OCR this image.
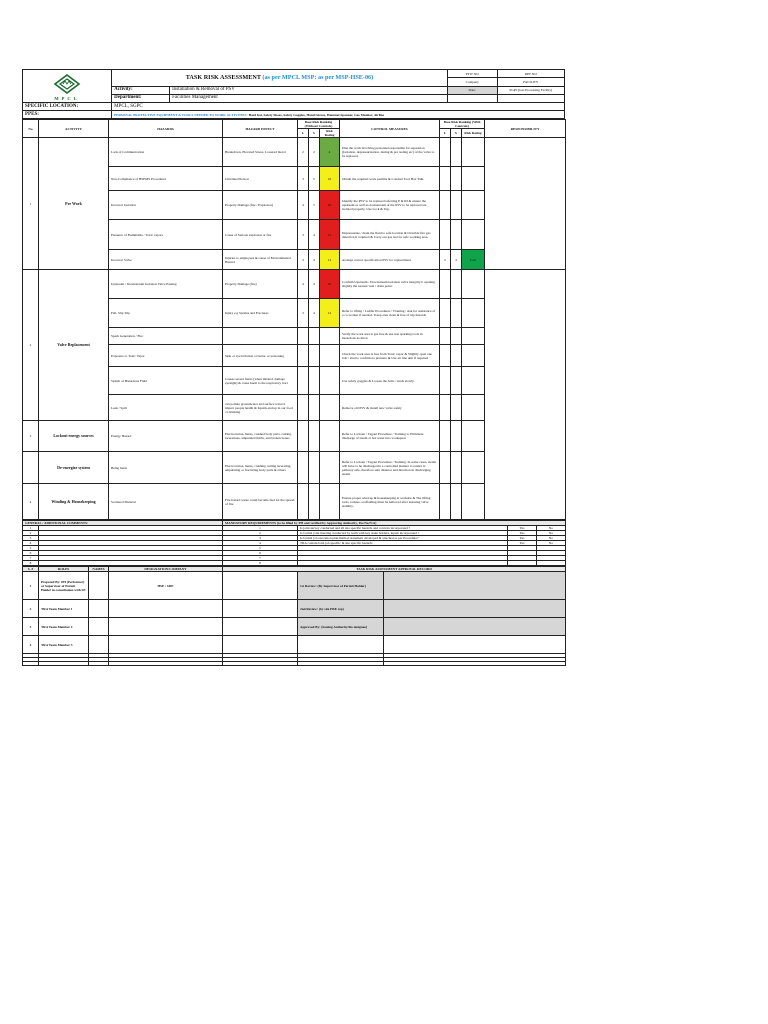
MPCL	TASK RISK ASSESSMENT (as per MPCL MSP: as per MSP-HSE-06)		PTW NO	REF NO
			Company	FACILITY
	Activity:	Installation & Removal of PSV	Date:	SGPC(Gas Processing Facility)
	Department:	Facilities Management		
SPECIFIC LOCATION:	MPCL, SGPC			
PPES:	PERSONAL PROTECTIVE EQUIPMENT & TOOLS NEEDED TO WORK ACTIVITIES: Hard hat, Safety Shoes, Safety Goggles, Hand Gloves, Hammer,Spanner, Gas Monitor, Airline			
No	ACTIVITY	HAZARDS	HAZARD EFFECT	Base Risk Ranking (Without Controls)			CONTROL MEASURES	Base Risk Ranking (With Controls)			RESPONSIBILITY
				L	S	Risk Rating		L	S	Risk Rating	
1	Pre Work	Lack of Communication	Breakdown, Elevated Stress, Lowered moral	2	2	4	Plan the work involving personnel responsible for separation (Isolation, depressurization, during & pre testing etc) of the valve to be replaced.				
		Non-Compliance of HSEMS Procedures	Untrained Person	3	5	16	Obtain the required work permits & Conduct Tool Box Talk.				
		Incorrect Isolation	Property Damage (fire / Explosion)	4	5	20	Identify the PSV to be replaced referring P & ID & ensure the upstream as well as downstream of the PSV to be replaced are isolated properly. Use Lock & Tag.				
		Presence of Flammable / Toxic vapors	Cause of Serious explosion or fire	3	4	12	Depressurize / drain the fluid to safe location & Override fire gas detection if required & Carry out gas test for safe working area.				
		Incorrect Valve	Injuries to employees & cause of Environmental Hazard	3	4	12	Arrange correct specification PSV for replacement	2	4	Low	
2	Valve Replacement	Upstream / Downstream Isolation Valve Passing	Property Damage (fire)	4	4	16	Confirm Upstream / Downstream isolation valve integrity b opening slightly the nearest vent / drain point.				
		Fall, Slip Trip	Injury e.g Sprains and Fractures	3	4	12	Refer to lifting / Ladder Procedures / Training / Ask for assistance of a co-worker if needed / Keep area clean & free of trip hazards				
		Spark Generation / Fire					Verify the work area is gas free & use non sparking tools in hazardous location				
		Exposure to Toxic Vapor	Skin or eye irritation or burns, or poisoning				Check the work area is free from Toxic vapor & Slightly open one bolt / stud to confirm no pressure & Use air line unit if required				
		Splash of Hazardous Fluid	Causes severe burns (when inhaled, damage eyesight) & cause harm to the respiratory tract				Use safety goggles & Loosen the bolts / studs slowly.				
		Leak / Spill	can pollute groundwater and surface water it impact people health & liquids end up in our food or drinking				Remove old PSV & install new valve safely				
3	Lockout energy sources	Energy Hazard	Electrocution, burns, crushed body parts, cutting, lacerations, amputated limbs, and broken bones				Refer to Lockout / Tagout Procedure / Training to Eliminate discharge of steam or hot water into workspace				
	De-energize system	Being burnt	Electrocution, burns, crushing cutting lacerating, amputating or fracturing body parts & others				Refer to Lockout / Tagout Procedure / Training. In some cases, steam will have to be discharged in a controlled manner to render it/ pathway safe, therefore safe distance and direction in discharging steam.				
4	Winding & Housekeeping	Scattered Material	Fire hazard waste could become fuel for the spread of fire				Ensure proper wind up & housekeeping at worksite & The lifting tools, tackles, scaffolding must be removed after ensuring valve stability.				
GENERAL / ADDITIONAL COMMENTS:		MANDATORY REQUIREMENTS (to be filled by PH and verified by Approving Authority, Yes/No/N/A)			
1		1	Is joint survey conducted and all site specific hazards and controls incorporated ?	Yes	No
2		2	Is formal joint meeting conducted by team with key stake holders, inputs incorporated ?	Yes	No
3		3	Is formal job execution plan/method statement developed & attached as per Procedure?	Yes	No
4		4	TRA contain both job specific & site specific hazards	Yes	No
5		5			
6		6			
7		7			
8		8			
S. #	ROLES	NAMES	DESIGNATION/COMPANY	TASK RISK ASSESSMENT APPROVAL RECORD		
1	Prepared By: PH (Performer) or Supervisor of Permit Holder in consultation with SE		HSE / SDE		1st Review: (By Supervisor of Permit Holder)	
2	TRA Team Member 1				2nd Review: (by site HSE rep)	
3	TRA Team Member 2				Approved By: (Issuing Authority/his designee)	
4	TRA Team Member 3					
